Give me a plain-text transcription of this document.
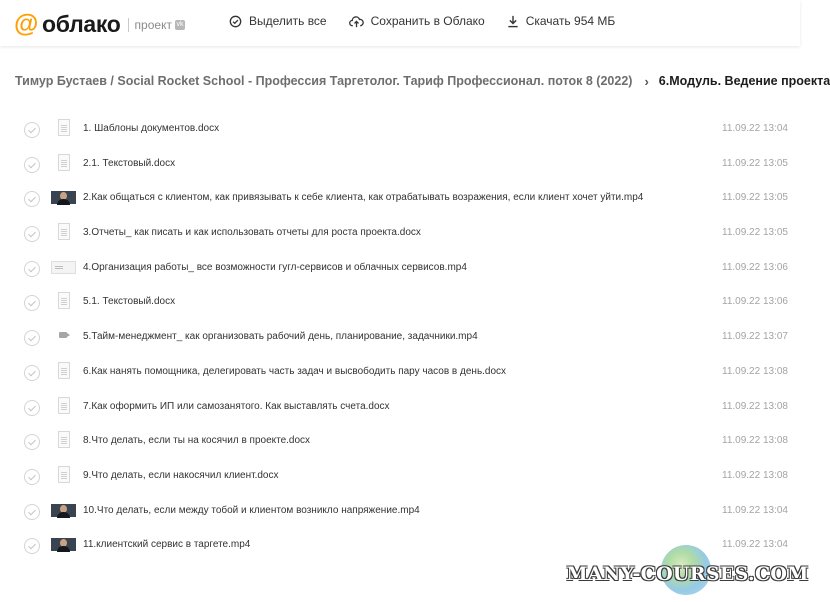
@ облако проект vk	Выделить все	Сохранить в Облако	Скачать 954 МБ
Тимур Бустаев / Social Rocket School - Профессия Таргетолог. Тариф Профессионал. поток 8 (2022) › 6.Модуль. Ведение проекта
1. Шаблоны документов.docx	11.09.22 13:04
2.1. Текстовый.docx	11.09.22 13:05
2.Как общаться с клиентом, как привязывать к себе клиента, как отрабатывать возражения, если клиент хочет уйти.mp4	11.09.22 13:05
3.Отчеты_ как писать и как использовать отчеты для роста проекта.docx	11.09.22 13:05
4.Организация работы_ все возможности гугл-сервисов и облачных сервисов.mp4	11.09.22 13:06
5.1. Текстовый.docx	11.09.22 13:06
5.Тайм-менеджмент_ как организовать рабочий день, планирование, задачники.mp4	11.09.22 13:07
6.Как нанять помощника, делегировать часть задач и высвободить пару часов в день.docx	11.09.22 13:08
7.Как оформить ИП или самозанятого. Как выставлять счета.docx	11.09.22 13:08
8.Что делать, если ты на косячил в проекте.docx	11.09.22 13:08
9.Что делать, если накосячил клиент.docx	11.09.22 13:08
10.Что делать, если между тобой и клиентом возникло напряжение.mp4	11.09.22 13:04
11.клиентский сервис в таргете.mp4	11.09.22 13:04
MANY-COURSES.COM
